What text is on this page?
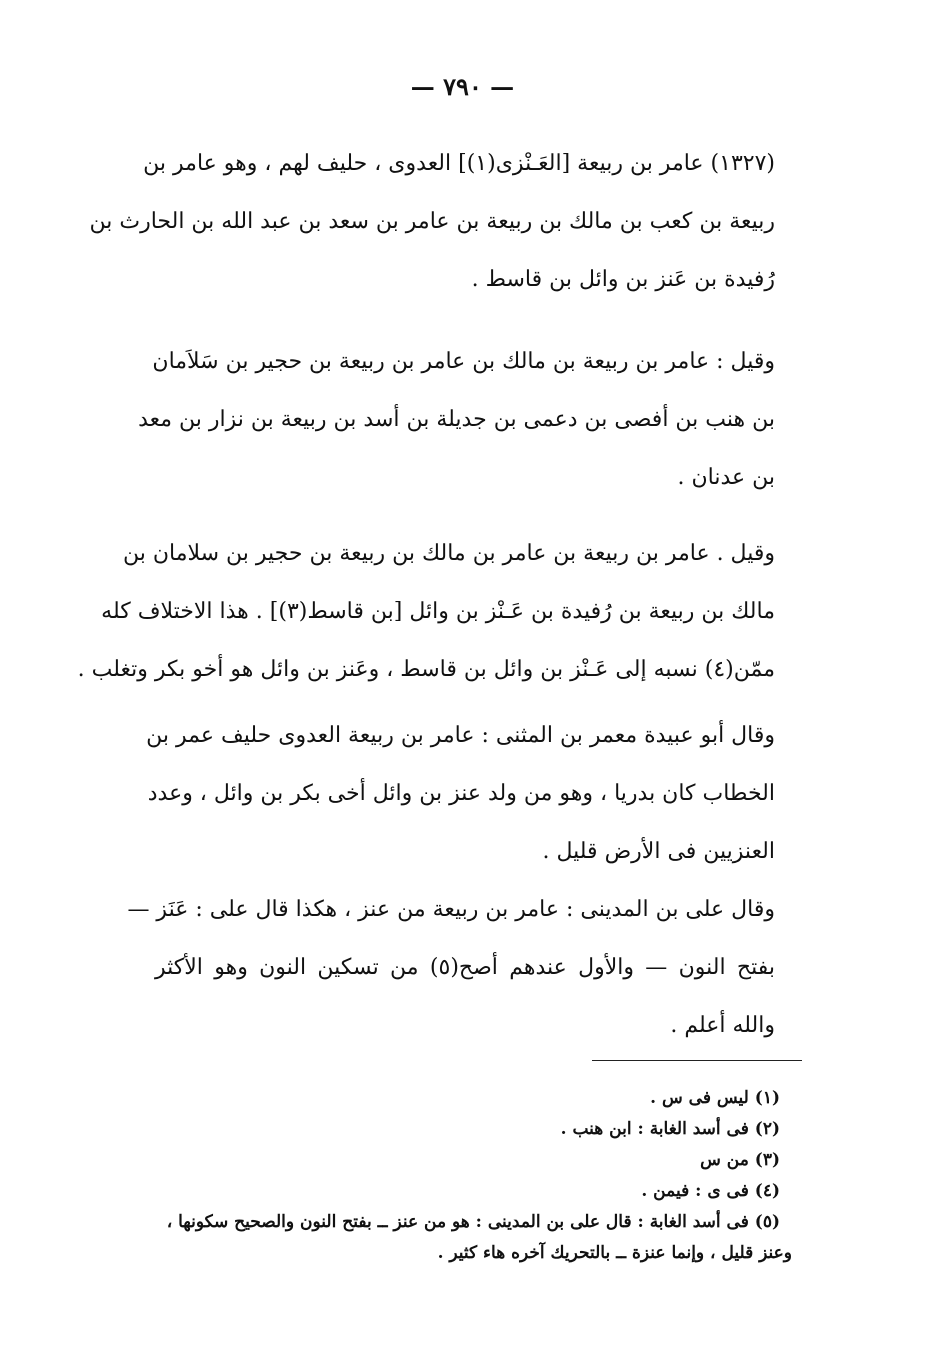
— ٧٩٠ —

(١٣٢٧) عامر بن ربيعة [العَـنْزى(١)] العدوى ، حليف لهم ، وهو عامر بن
ربيعة بن كعب بن مالك بن ربيعة بن عامر بن سعد بن عبد الله بن الحارث بن
رُفيدة بن عَنز بن وائل بن قاسط .

وقيل : عامر بن ربيعة بن مالك بن عامر بن ربيعة بن حجير بن سَلاَمان
بن هنب بن أفصى بن دعمى بن جديلة بن أسد بن ربيعة بن نزار بن معد
بن عدنان .

وقيل . عامر بن ربيعة بن عامر بن مالك بن ربيعة بن حجير بن سلامان بن
مالك بن ربيعة بن رُفيدة بن عَـنْز بن وائل [بن قاسط(٣)] . هذا الاختلاف كله
ممّن(٤) نسبه إلى عَـنْز بن وائل بن قاسط ، وعَنز بن وائل هو أخو بكر وتغلب .

وقال أبو عبيدة معمر بن المثنى : عامر بن ربيعة العدوى حليف عمر بن
الخطاب كان بدريا ، وهو من ولد عنز بن وائل أخى بكر بن وائل ، وعدد
العنزيين فى الأرض قليل .

وقال على بن المدينى : عامر بن ربيعة من عنز ، هكذا قال على : عَنَز —
بفتح النون — والأول عندهم أصح(٥) من تسكين النون وهو الأكثر
والله أعلم .

(١) ليس فى س .
(٢) فى أسد الغابة : ابن هنب .
(٣) من س
(٤) فى ى : فيمن .
(٥) فى أسد الغابة : قال على بن المدينى : هو من عنز ــ بفتح النون والصحيح سكونها ،
وعنز قليل ، وإنما عنزة ــ بالتحريك آخره هاء كثير .
